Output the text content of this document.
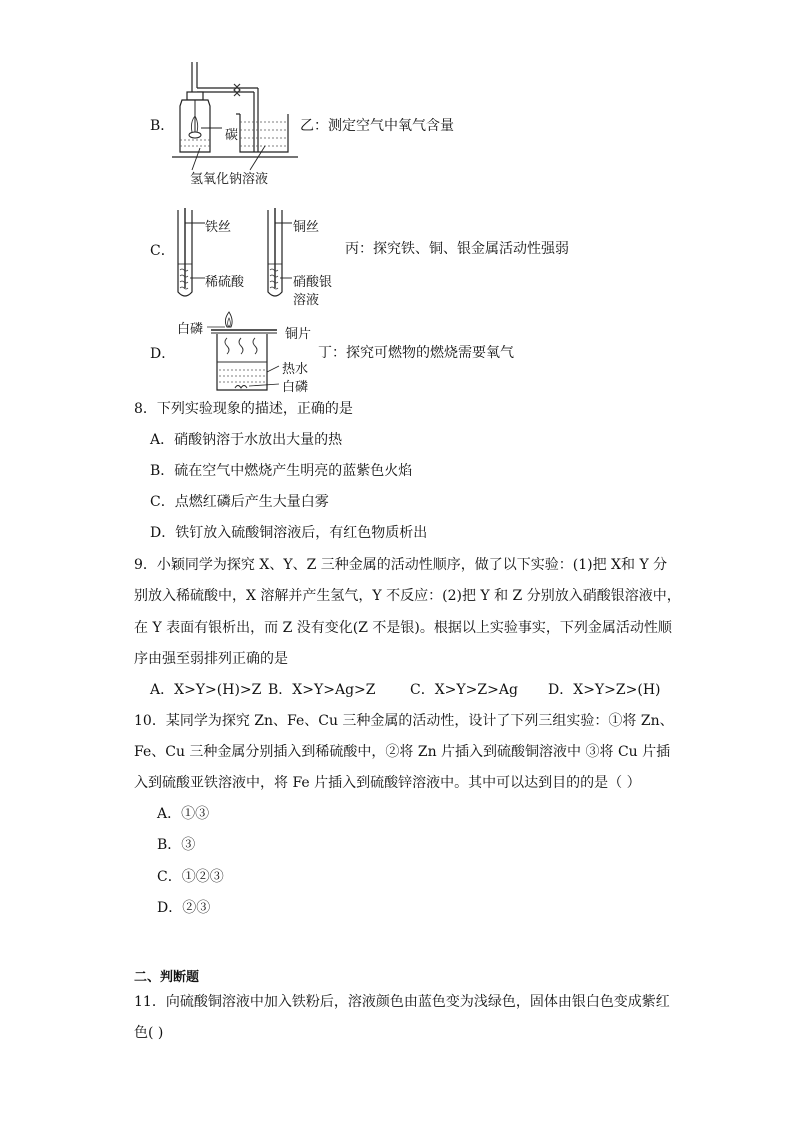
B．
碳
氢氧化钠溶液
乙：测定空气中氧气含量
C．
铁丝
稀硫酸
铜丝
硝酸银
溶液
丙：探究铁、铜、银金属活动性强弱
D．
白磷	铜片
热水
白磷
丁：探究可燃物的燃烧需要氧气
8．下列实验现象的描述，正确的是
A．硝酸钠溶于水放出大量的热
B．硫在空气中燃烧产生明亮的蓝紫色火焰
C．点燃红磷后产生大量白雾
D．铁钉放入硫酸铜溶液后，有红色物质析出
9．小颖同学为探究 X、Y、Z 三种金属的活动性顺序，做了以下实验：(1)把 X和 Y 分
别放入稀硫酸中，X 溶解并产生氢气，Y 不反应：(2)把 Y 和 Z 分别放入硝酸银溶液中，
在 Y 表面有银析出，而 Z 没有变化(Z 不是银)。根据以上实验事实，下列金属活动性顺
序由强至弱排列正确的是
A．X>Y>(H)>Z B．X>Y>Ag>Z C．X>Y>Z>Ag D．X>Y>Z>(H)
10．某同学为探究 Zn、Fe、Cu 三种金属的活动性，设计了下列三组实验：①将 Zn、
Fe、Cu 三种金属分别插入到稀硫酸中，②将 Zn 片插入到硫酸铜溶液中 ③将 Cu 片插
入到硫酸亚铁溶液中，将 Fe 片插入到硫酸锌溶液中。其中可以达到目的的是（ ）
A．①③
B．③
C．①②③
D．②③
二、判断题
11．向硫酸铜溶液中加入铁粉后，溶液颜色由蓝色变为浅绿色，固体由银白色变成紫红
色( )
